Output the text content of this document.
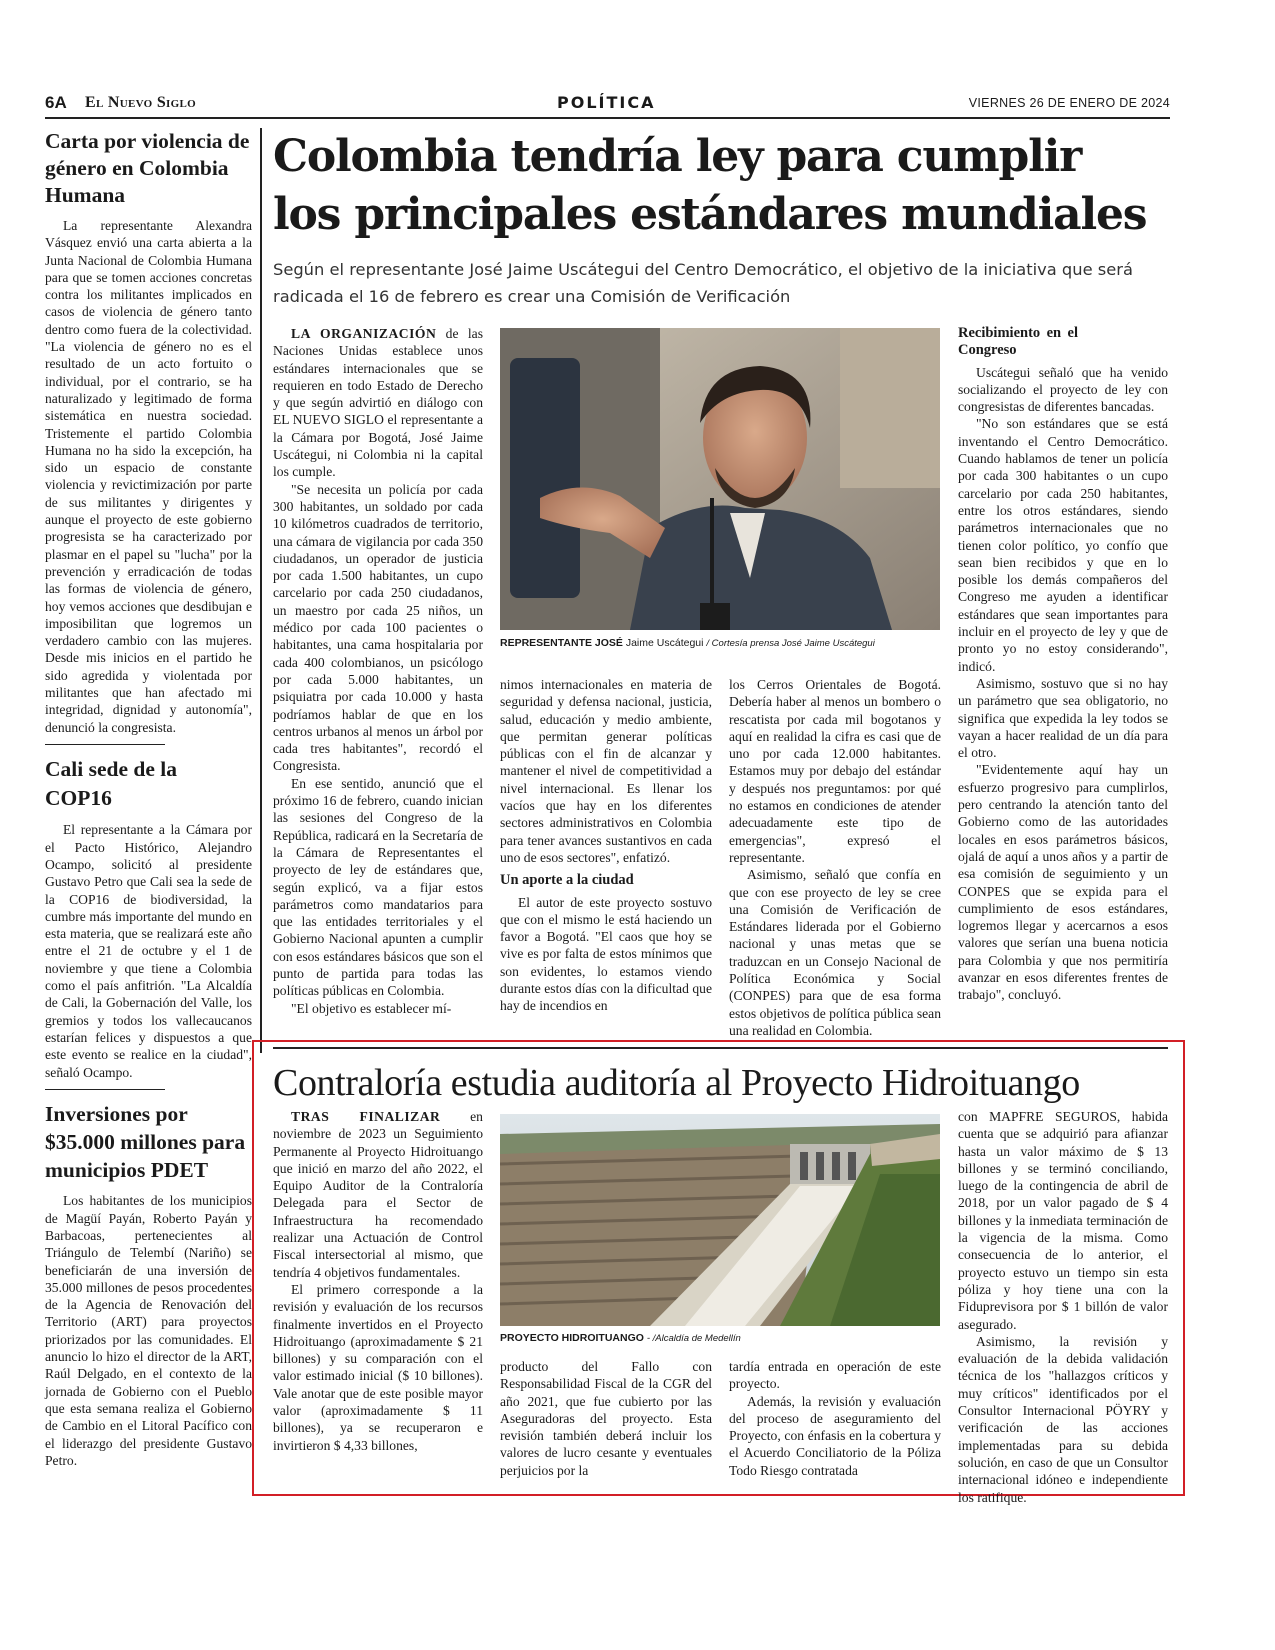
6A El Nuevo Siglo	POLÍTICA	VIERNES 26 DE ENERO DE 2024
Carta por violencia de género en Colombia Humana

La representante Alexandra Vásquez envió una carta abierta a la Junta Nacional de Colombia Humana para que se tomen acciones concretas contra los militantes implicados en casos de violencia de género tanto dentro como fuera de la colectividad. "La violencia de género no es el resultado de un acto fortuito o individual, por el contrario, se ha naturalizado y legitimado de forma sistemática en nuestra sociedad. Tristemente el partido Colombia Humana no ha sido la excepción, ha sido un espacio de constante violencia y revictimización por parte de sus militantes y dirigentes y aunque el proyecto de este gobierno progresista se ha caracterizado por plasmar en el papel su "lucha" por la prevención y erradicación de todas las formas de violencia de género, hoy vemos acciones que desdibujan e imposibilitan que logremos un verdadero cambio con las mujeres. Desde mis inicios en el partido he sido agredida y violentada por militantes que han afectado mi integridad, dignidad y autonomía", denunció la congresista.

Cali sede de la COP16

El representante a la Cámara por el Pacto Histórico, Alejandro Ocampo, solicitó al presidente Gustavo Petro que Cali sea la sede de la COP16 de biodiversidad, la cumbre más importante del mundo en esta materia, que se realizará este año entre el 21 de octubre y el 1 de noviembre y que tiene a Colombia como el país anfitrión. "La Alcaldía de Cali, la Gobernación del Valle, los gremios y todos los vallecaucanos estarían felices y dispuestos a que este evento se realice en la ciudad", señaló Ocampo.

Inversiones por $35.000 millones para municipios PDET

Los habitantes de los municipios de Magüí Payán, Roberto Payán y Barbacoas, pertenecientes al Triángulo de Telembí (Nariño) se beneficiarán de una inversión de 35.000 millones de pesos procedentes de la Agencia de Renovación del Territorio (ART) para proyectos priorizados por las comunidades. El anuncio lo hizo el director de la ART, Raúl Delgado, en el contexto de la jornada de Gobierno con el Pueblo que esta semana realiza el Gobierno de Cambio en el Litoral Pacífico con el liderazgo del presidente Gustavo Petro.

Colombia tendría ley para cumplir los principales estándares mundiales
Según el representante José Jaime Uscátegui del Centro Democrático, el objetivo de la iniciativa que será radicada el 16 de febrero es crear una Comisión de Verificación

LA ORGANIZACIÓN de las Naciones Unidas establece unos estándares internacionales que se requieren en todo Estado de Derecho y que según advirtió en diálogo con EL NUEVO SIGLO el representante a la Cámara por Bogotá, José Jaime Uscátegui, ni Colombia ni la capital los cumple.

"Se necesita un policía por cada 300 habitantes, un soldado por cada 10 kilómetros cuadrados de territorio, una cámara de vigilancia por cada 350 ciudadanos, un operador de justicia por cada 1.500 habitantes, un cupo carcelario por cada 250 ciudadanos, un maestro por cada 25 niños, un médico por cada 100 pacientes o habitantes, una cama hospitalaria por cada 400 colombianos, un psicólogo por cada 5.000 habitantes, un psiquiatra por cada 10.000 y hasta podríamos hablar de que en los centros urbanos al menos un árbol por cada tres habitantes", recordó el Congresista.

En ese sentido, anunció que el próximo 16 de febrero, cuando inician las sesiones del Congreso de la República, radicará en la Secretaría de la Cámara de Representantes el proyecto de ley de estándares que, según explicó, va a fijar estos parámetros como mandatarios para que las entidades territoriales y el Gobierno Nacional apunten a cumplir con esos estándares básicos que son el punto de partida para todas las políticas públicas en Colombia.

"El objetivo es establecer mí-

REPRESENTANTE JOSÉ Jaime Uscátegui / Cortesía prensa José Jaime Uscátegui

nimos internacionales en materia de seguridad y defensa nacional, justicia, salud, educación y medio ambiente, que permitan generar políticas públicas con el fin de alcanzar y mantener el nivel de competitividad a nivel internacional. Es llenar los vacíos que hay en los diferentes sectores administrativos en Colombia para tener avances sustantivos en cada uno de esos sectores", enfatizó.

Un aporte a la ciudad

El autor de este proyecto sostuvo que con el mismo le está haciendo un favor a Bogotá. "El caos que hoy se vive es por falta de estos mínimos que son evidentes, lo estamos viendo durante estos días con la dificultad que hay de incendios en

los Cerros Orientales de Bogotá. Debería haber al menos un bombero o rescatista por cada mil bogotanos y aquí en realidad la cifra es casi que de uno por cada 12.000 habitantes. Estamos muy por debajo del estándar y después nos preguntamos: por qué no estamos en condiciones de atender adecuadamente este tipo de emergencias", expresó el representante.

Asimismo, señaló que confía en que con ese proyecto de ley se cree una Comisión de Verificación de Estándares liderada por el Gobierno nacional y unas metas que se traduzcan en un Consejo Nacional de Política Económica y Social (CONPES) para que de esa forma estos objetivos de política pública sean una realidad en Colombia.

Recibimiento en el Congreso

Uscátegui señaló que ha venido socializando el proyecto de ley con congresistas de diferentes bancadas.

"No son estándares que se está inventando el Centro Democrático. Cuando hablamos de tener un policía por cada 300 habitantes o un cupo carcelario por cada 250 habitantes, entre los otros estándares, siendo parámetros internacionales que no tienen color político, yo confío que sean bien recibidos y que en lo posible los demás compañeros del Congreso me ayuden a identificar estándares que sean importantes para incluir en el proyecto de ley y que de pronto yo no estoy considerando", indicó.

Asimismo, sostuvo que si no hay un parámetro que sea obligatorio, no significa que expedida la ley todos se vayan a hacer realidad de un día para el otro.

"Evidentemente aquí hay un esfuerzo progresivo para cumplirlos, pero centrando la atención tanto del Gobierno como de las autoridades locales en esos parámetros básicos, ojalá de aquí a unos años y a partir de esa comisión de seguimiento y un CONPES que se expida para el cumplimiento de esos estándares, logremos llegar y acercarnos a esos valores que serían una buena noticia para Colombia y que nos permitiría avanzar en esos diferentes frentes de trabajo", concluyó.

Contraloría estudia auditoría al Proyecto Hidroituango

TRAS FINALIZAR en noviembre de 2023 un Seguimiento Permanente al Proyecto Hidroituango que inició en marzo del año 2022, el Equipo Auditor de la Contraloría Delegada para el Sector de Infraestructura ha recomendado realizar una Actuación de Control Fiscal intersectorial al mismo, que tendría 4 objetivos fundamentales.

El primero corresponde a la revisión y evaluación de los recursos finalmente invertidos en el Proyecto Hidroituango (aproximadamente $ 21 billones) y su comparación con el valor estimado inicial ($ 10 billones). Vale anotar que de este posible mayor valor (aproximadamente $ 11 billones), ya se recuperaron e invirtieron $ 4,33 billones,

PROYECTO HIDROITUANGO - /Alcaldía de Medellín

producto del Fallo con Responsabilidad Fiscal de la CGR del año 2021, que fue cubierto por las Aseguradoras del proyecto. Esta revisión también deberá incluir los valores de lucro cesante y eventuales perjuicios por la

tardía entrada en operación de este proyecto.

Además, la revisión y evaluación del proceso de aseguramiento del Proyecto, con énfasis en la cobertura y el Acuerdo Conciliatorio de la Póliza Todo Riesgo contratada

con MAPFRE SEGUROS, habida cuenta que se adquirió para afianzar hasta un valor máximo de $ 13 billones y se terminó conciliando, luego de la contingencia de abril de 2018, por un valor pagado de $ 4 billones y la inmediata terminación de la vigencia de la misma. Como consecuencia de lo anterior, el proyecto estuvo un tiempo sin esta póliza y hoy tiene una con la Fiduprevisora por $ 1 billón de valor asegurado.

Asimismo, la revisión y evaluación de la debida validación técnica de los "hallazgos críticos y muy críticos" identificados por el Consultor Internacional PÖYRY y verificación de las acciones implementadas para su debida solución, en caso de que un Consultor internacional idóneo e independiente los ratifique.
